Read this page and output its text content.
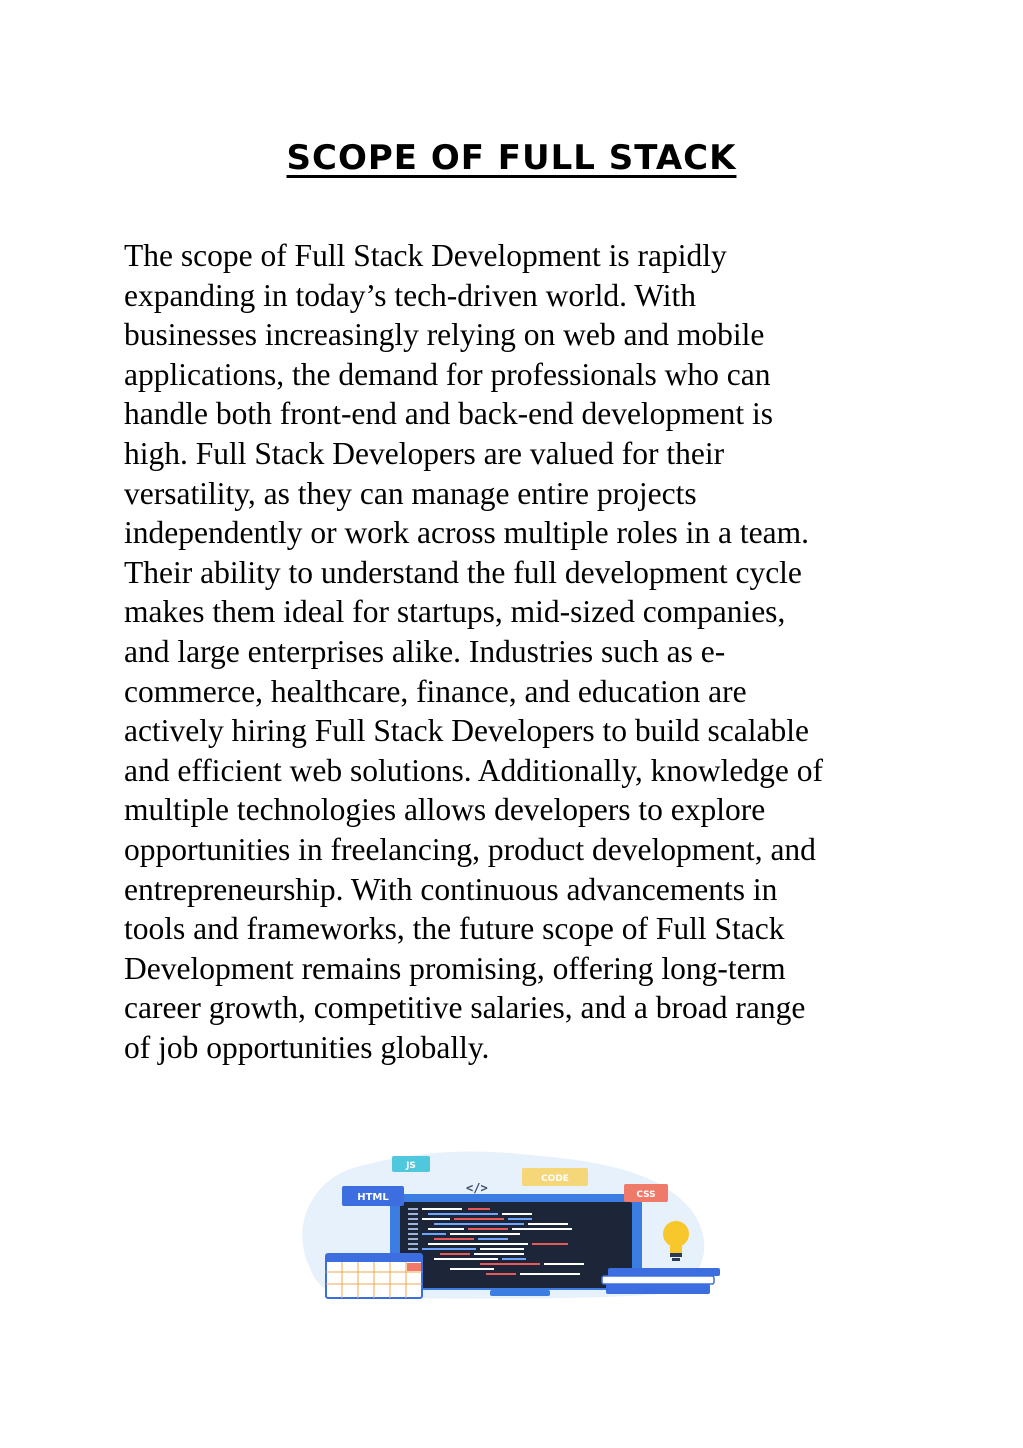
SCOPE OF FULL STACK

The scope of Full Stack Development is rapidly
expanding in today’s tech-driven world. With
businesses increasingly relying on web and mobile
applications, the demand for professionals who can
handle both front-end and back-end development is
high. Full Stack Developers are valued for their
versatility, as they can manage entire projects
independently or work across multiple roles in a team.
Their ability to understand the full development cycle
makes them ideal for startups, mid-sized companies,
and large enterprises alike. Industries such as e-
commerce, healthcare, finance, and education are
actively hiring Full Stack Developers to build scalable
and efficient web solutions. Additionally, knowledge of
multiple technologies allows developers to explore
opportunities in freelancing, product development, and
entrepreneurship. With continuous advancements in
tools and frameworks, the future scope of Full Stack
Development remains promising, offering long-term
career growth, competitive salaries, and a broad range
of job opportunities globally.

</>
JS
CODE
HTML	CSS
